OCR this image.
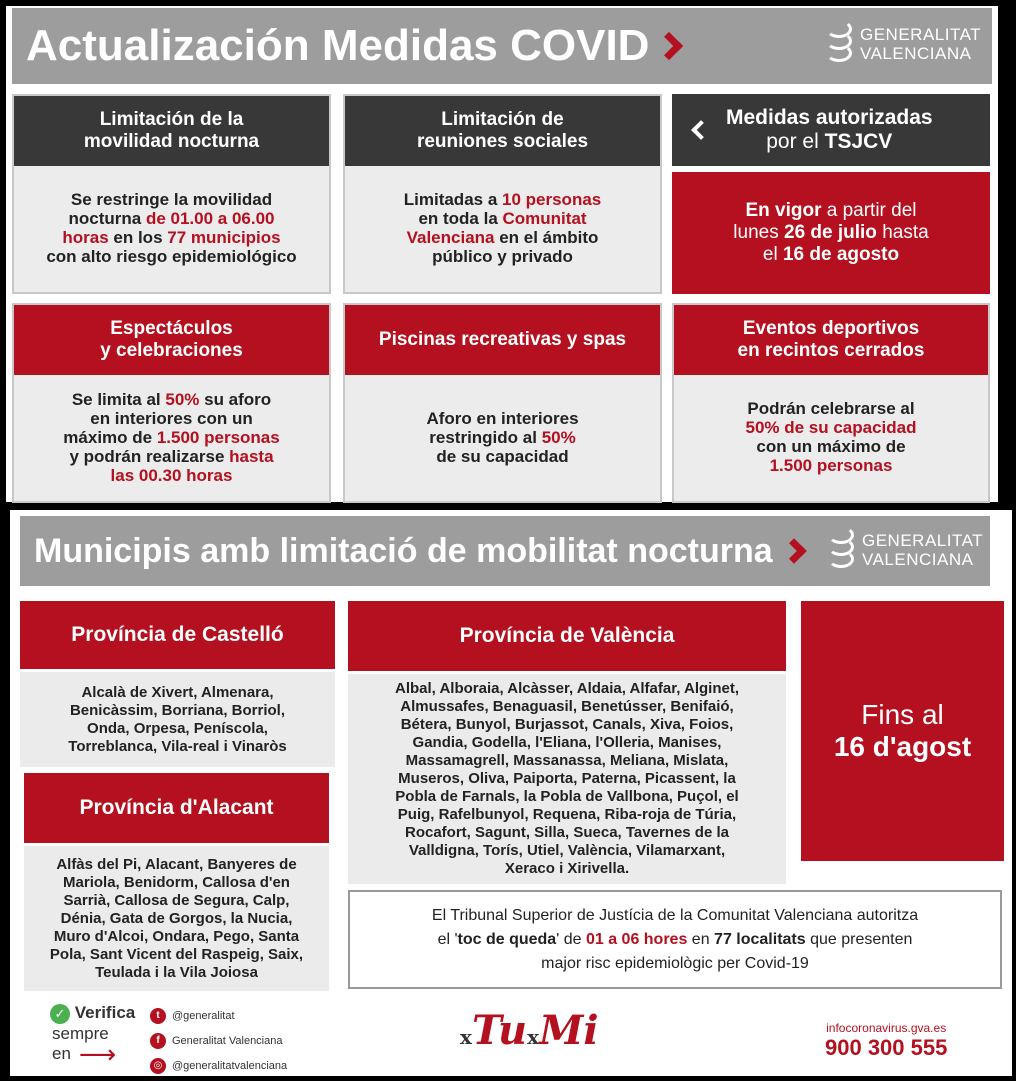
Actualización Medidas COVID	GENERALITAT
VALENCIANA
Limitación de la
movilidad nocturna
Se restringe la movilidad
nocturna de 01.00 a 06.00
horas en los 77 municipios
con alto riesgo epidemiológico
Limitación de
reuniones sociales
Limitadas a 10 personas
en toda la Comunitat
Valenciana en el ámbito
público y privado
Medidas autorizadas
por el TSJCV
En vigor a partir del
lunes 26 de julio hasta
el 16 de agosto
Espectáculos
y celebraciones
Se limita al 50% su aforo
en interiores con un
máximo de 1.500 personas
y podrán realizarse hasta
las 00.30 horas
Piscinas recreativas y spas
Aforo en interiores
restringido al 50%
de su capacidad
Eventos deportivos
en recintos cerrados
Podrán celebrarse al
50% de su capacidad
con un máximo de
1.500 personas
Municipis amb limitació de mobilitat nocturna	GENERALITAT
VALENCIANA
Província de Castelló
Alcalà de Xivert, Almenara,
Benicàssim, Borriana, Borriol,
Onda, Orpesa, Peníscola,
Torreblanca, Vila-real i Vinaròs
Província d'Alacant
Alfàs del Pi, Alacant, Banyeres de
Mariola, Benidorm, Callosa d'en
Sarrià, Callosa de Segura, Calp,
Dénia, Gata de Gorgos, la Nucia,
Muro d'Alcoi, Ondara, Pego, Santa
Pola, Sant Vicent del Raspeig, Saix,
Teulada i la Vila Joiosa
Província de València
Albal, Alboraia, Alcàsser, Aldaia, Alfafar, Alginet,
Almussafes, Benaguasil, Benetússer, Benifaió,
Bétera, Bunyol, Burjassot, Canals, Xiva, Foios,
Gandia, Godella, l'Eliana, l'Olleria, Manises,
Massamagrell, Massanassa, Meliana, Mislata,
Museros, Oliva, Paiporta, Paterna, Picassent, la
Pobla de Farnals, la Pobla de Vallbona, Puçol, el
Puig, Rafelbunyol, Requena, Riba-roja de Túria,
Rocafort, Sagunt, Silla, Sueca, Tavernes de la
Valldigna, Torís, Utiel, València, Vilamarxant,
Xeraco i Xirivella.
Fins al
16 d'agost
El Tribunal Superior de Justícia de la Comunitat Valenciana autoritza
el 'toc de queda' de 01 a 06 hores en 77 localitats que presenten
major risc epidemiològic per Covid-19
✓ Verifica
sempre
en ⟶
t	@generalitat
f	Generalitat Valenciana
◎ @generalitatvalenciana
xTuxMi	infocoronavirus.gva.es
900 300 555
